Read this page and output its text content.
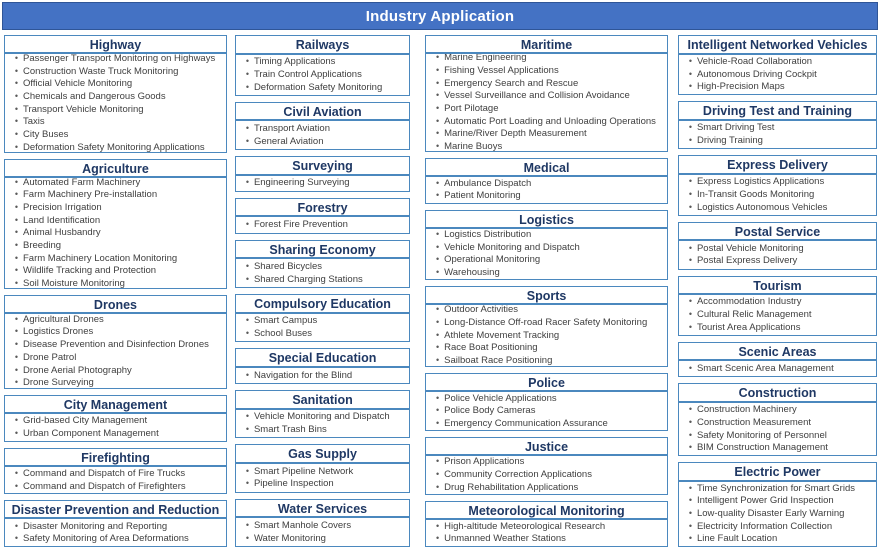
Industry Application
Highway
• Passenger Transport Monitoring on Highways
• Construction Waste Truck Monitoring
• Official Vehicle Monitoring
• Chemicals and Dangerous Goods
• Transport Vehicle Monitoring
• Taxis
• City Buses
• Deformation Safety Monitoring Applications
Agriculture
• Automated Farm Machinery
• Farm Machinery Pre-installation
• Precision Irrigation
• Land Identification
• Animal Husbandry
• Breeding
• Farm Machinery Location Monitoring
• Wildlife Tracking and Protection
• Soil Moisture Monitoring
Drones
• Agricultural Drones
• Logistics Drones
• Disease Prevention and Disinfection Drones
• Drone Patrol
• Drone Aerial Photography
• Drone Surveying
City Management
• Grid-based City Management
• Urban Component Management
Firefighting
• Command and Dispatch of Fire Trucks
• Command and Dispatch of Firefighters
Disaster Prevention and Reduction
• Disaster Monitoring and Reporting
• Safety Monitoring of Area Deformations
Railways
• Timing Applications
• Train Control Applications
• Deformation Safety Monitoring
Civil Aviation
• Transport Aviation
• General Aviation
Surveying
• Engineering Surveying
Forestry
• Forest Fire Prevention
Sharing Economy
• Shared Bicycles
• Shared Charging Stations
Compulsory Education
• Smart Campus
• School Buses
Special Education
• Navigation for the Blind
Sanitation
• Vehicle Monitoring and Dispatch
• Smart Trash Bins
Gas Supply
• Smart Pipeline Network
• Pipeline Inspection
Water Services
• Smart Manhole Covers
• Water Monitoring
Maritime
• Marine Engineering
• Fishing Vessel Applications
• Emergency Search and Rescue
• Vessel Surveillance and Collision Avoidance
• Port Pilotage
• Automatic Port Loading and Unloading Operations
• Marine/River Depth Measurement
• Marine Buoys
Medical
• Ambulance Dispatch
• Patient Monitoring
Logistics
• Logistics Distribution
• Vehicle Monitoring and Dispatch
• Operational Monitoring
• Warehousing
Sports
• Outdoor Activities
• Long-Distance Off-road Racer Safety Monitoring
• Athlete Movement Tracking
• Race Boat Positioning
• Sailboat Race Positioning
Police
• Police Vehicle Applications
• Police Body Cameras
• Emergency Communication Assurance
Justice
• Prison Applications
• Community Correction Applications
• Drug Rehabilitation Applications
Meteorological Monitoring
• High-altitude Meteorological Research
• Unmanned Weather Stations
Intelligent Networked Vehicles
• Vehicle-Road Collaboration
• Autonomous Driving Cockpit
• High-Precision Maps
Driving Test and Training
• Smart Driving Test
• Driving Training
Express Delivery
• Express Logistics Applications
• In-Transit Goods Monitoring
• Logistics Autonomous Vehicles
Postal Service
• Postal Vehicle Monitoring
• Postal Express Delivery
Tourism
• Accommodation Industry
• Cultural Relic Management
• Tourist Area Applications
Scenic Areas
• Smart Scenic Area Management
Construction
• Construction Machinery
• Construction Measurement
• Safety Monitoring of Personnel
• BIM Construction Management
Electric Power
• Time Synchronization for Smart Grids
• Intelligent Power Grid Inspection
• Low-quality Disaster Early Warning
• Electricity Information Collection
• Line Fault Location
